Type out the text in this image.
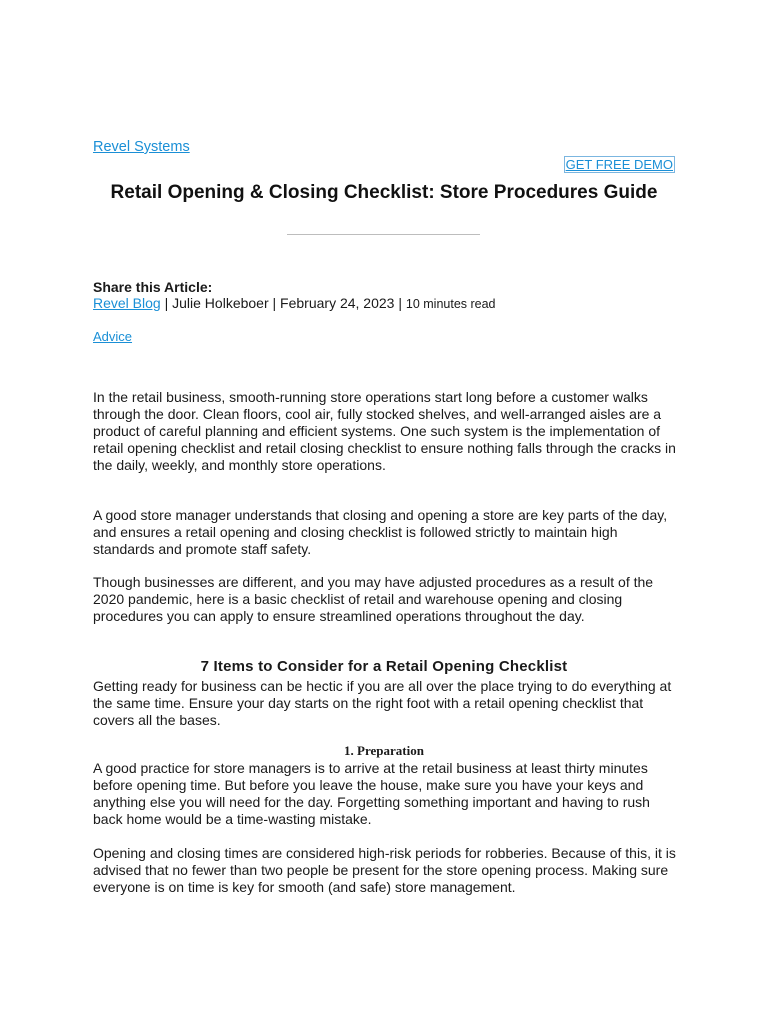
Revel Systems
GET FREE DEMO
Retail Opening & Closing Checklist: Store Procedures Guide
Share this Article:
Revel Blog | Julie Holkeboer | February 24, 2023 | 10 minutes read
Advice

In the retail business, smooth-running store operations start long before a customer walks through the door. Clean floors, cool air, fully stocked shelves, and well-arranged aisles are a product of careful planning and efficient systems. One such system is the implementation of retail opening checklist and retail closing checklist to ensure nothing falls through the cracks in the daily, weekly, and monthly store operations.

A good store manager understands that closing and opening a store are key parts of the day, and ensures a retail opening and closing checklist is followed strictly to maintain high standards and promote staff safety.

Though businesses are different, and you may have adjusted procedures as a result of the 2020 pandemic, here is a basic checklist of retail and warehouse opening and closing procedures you can apply to ensure streamlined operations throughout the day.

7 Items to Consider for a Retail Opening Checklist

Getting ready for business can be hectic if you are all over the place trying to do everything at the same time. Ensure your day starts on the right foot with a retail opening checklist that covers all the bases.

1. Preparation

A good practice for store managers is to arrive at the retail business at least thirty minutes before opening time. But before you leave the house, make sure you have your keys and anything else you will need for the day. Forgetting something important and having to rush back home would be a time-wasting mistake.

Opening and closing times are considered high-risk periods for robberies. Because of this, it is advised that no fewer than two people be present for the store opening process. Making sure everyone is on time is key for smooth (and safe) store management.
